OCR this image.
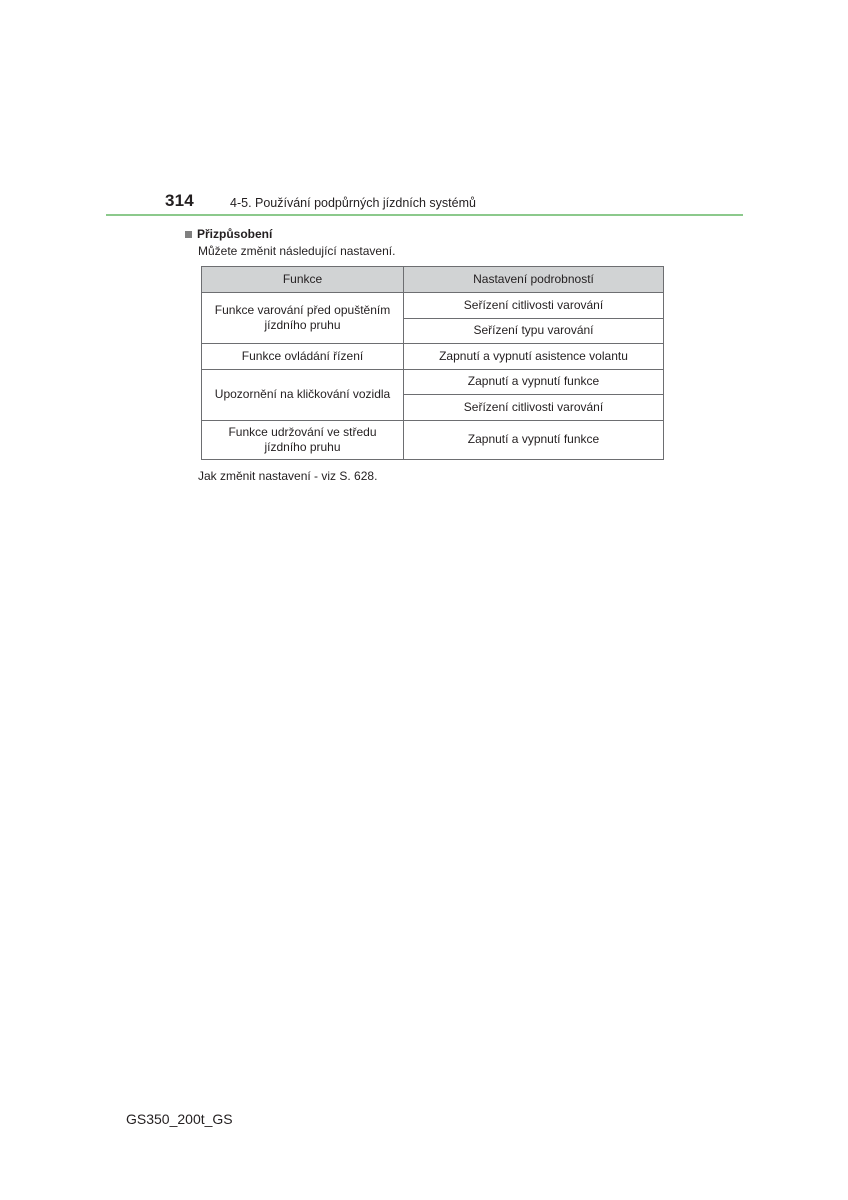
314	4-5. Používání podpůrných jízdních systémů
Přizpůsobení
Můžete změnit následující nastavení.
Funkce	Nastavení podrobností
Funkce varování před opuštěním jízdního pruhu	Seřízení citlivosti varování
	Seřízení typu varování
Funkce ovládání řízení	Zapnutí a vypnutí asistence volantu
Upozornění na kličkování vozidla	Zapnutí a vypnutí funkce
	Seřízení citlivosti varování
Funkce udržování ve středu jízdního pruhu	Zapnutí a vypnutí funkce
Jak změnit nastavení - viz S. 628.
GS350_200t_GS
